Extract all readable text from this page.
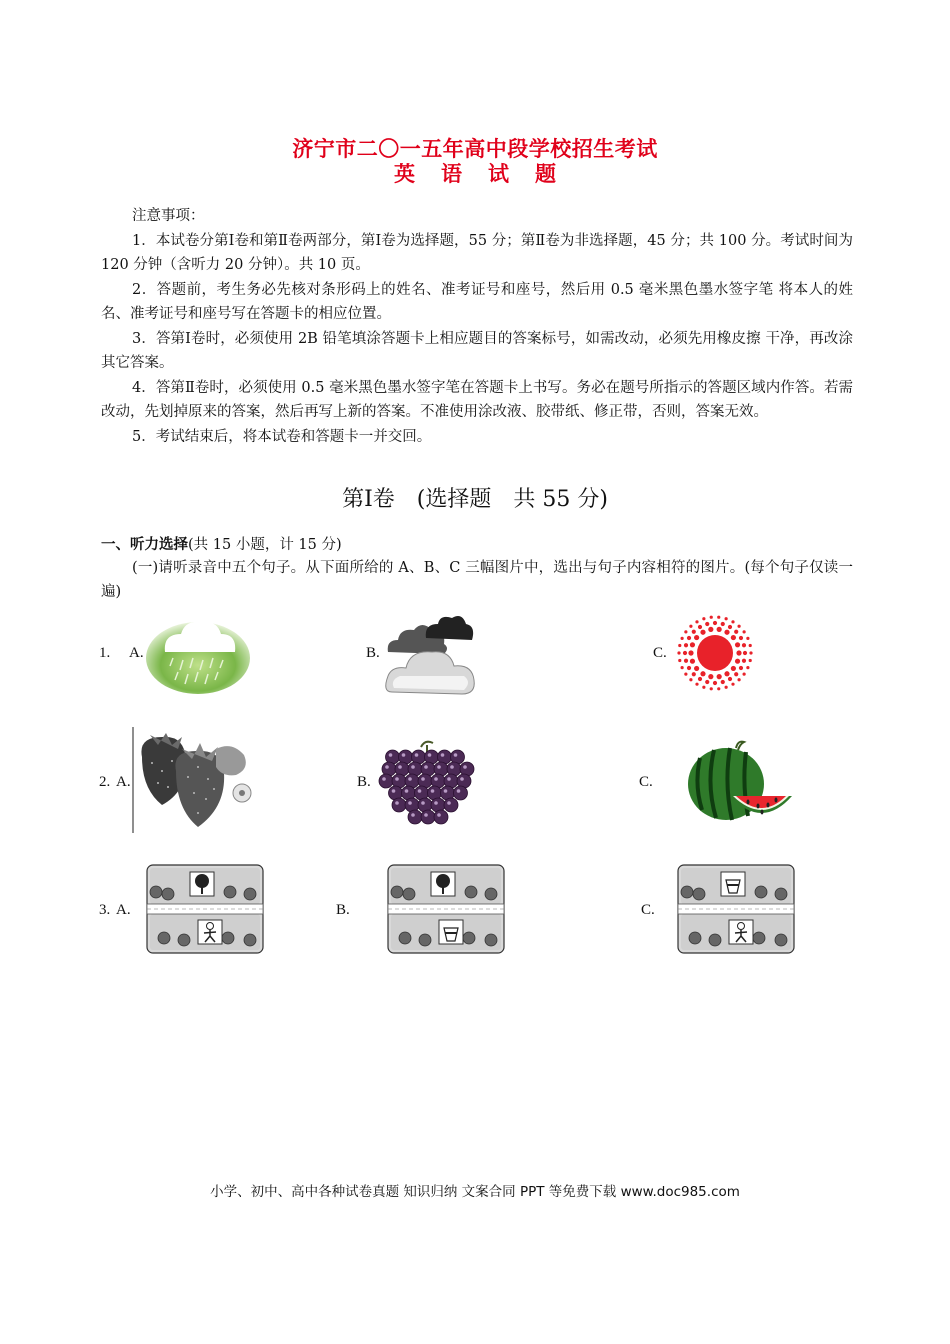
济宁市二〇一五年高中段学校招生考试
英语试题

注意事项：

1．本试卷分第Ⅰ卷和第Ⅱ卷两部分，第Ⅰ卷为选择题，55 分；第Ⅱ卷为非选择题，45 分；共 100 分。考试时间为 120 分钟（含听力 20 分钟）。共 10 页。

2．答题前，考生务必先核对条形码上的姓名、准考证号和座号，然后用 0.5 毫米黑色墨水签字笔 将本人的姓名、准考证号和座号写在答题卡的相应位置。

3．答第Ⅰ卷时，必须使用 2B 铅笔填涂答题卡上相应题目的答案标号，如需改动，必须先用橡皮擦 干净，再改涂其它答案。

4．答第Ⅱ卷时，必须使用 0.5 毫米黑色墨水签字笔在答题卡上书写。务必在题号所指示的答题区域内作答。若需改动，先划掉原来的答案，然后再写上新的答案。不准使用涂改液、胶带纸、修正带，否则，答案无效。

5．考试结束后，将本试卷和答题卡一并交回。

第Ⅰ卷　(选择题　共 55 分)
一、听力选择(共 15 小题，计 15 分)
(一)请听录音中五个句子。从下面所给的 A、B、C 三幅图片中，选出与句子内容相符的图片。(每个句子仅读一遍)
1. A.	B.	C.
2. A.	B.	C.
3. A.	B.	C.
小学、初中、高中各种试卷真题 知识归纳 文案合同 PPT 等免费下载 www.doc985.com
